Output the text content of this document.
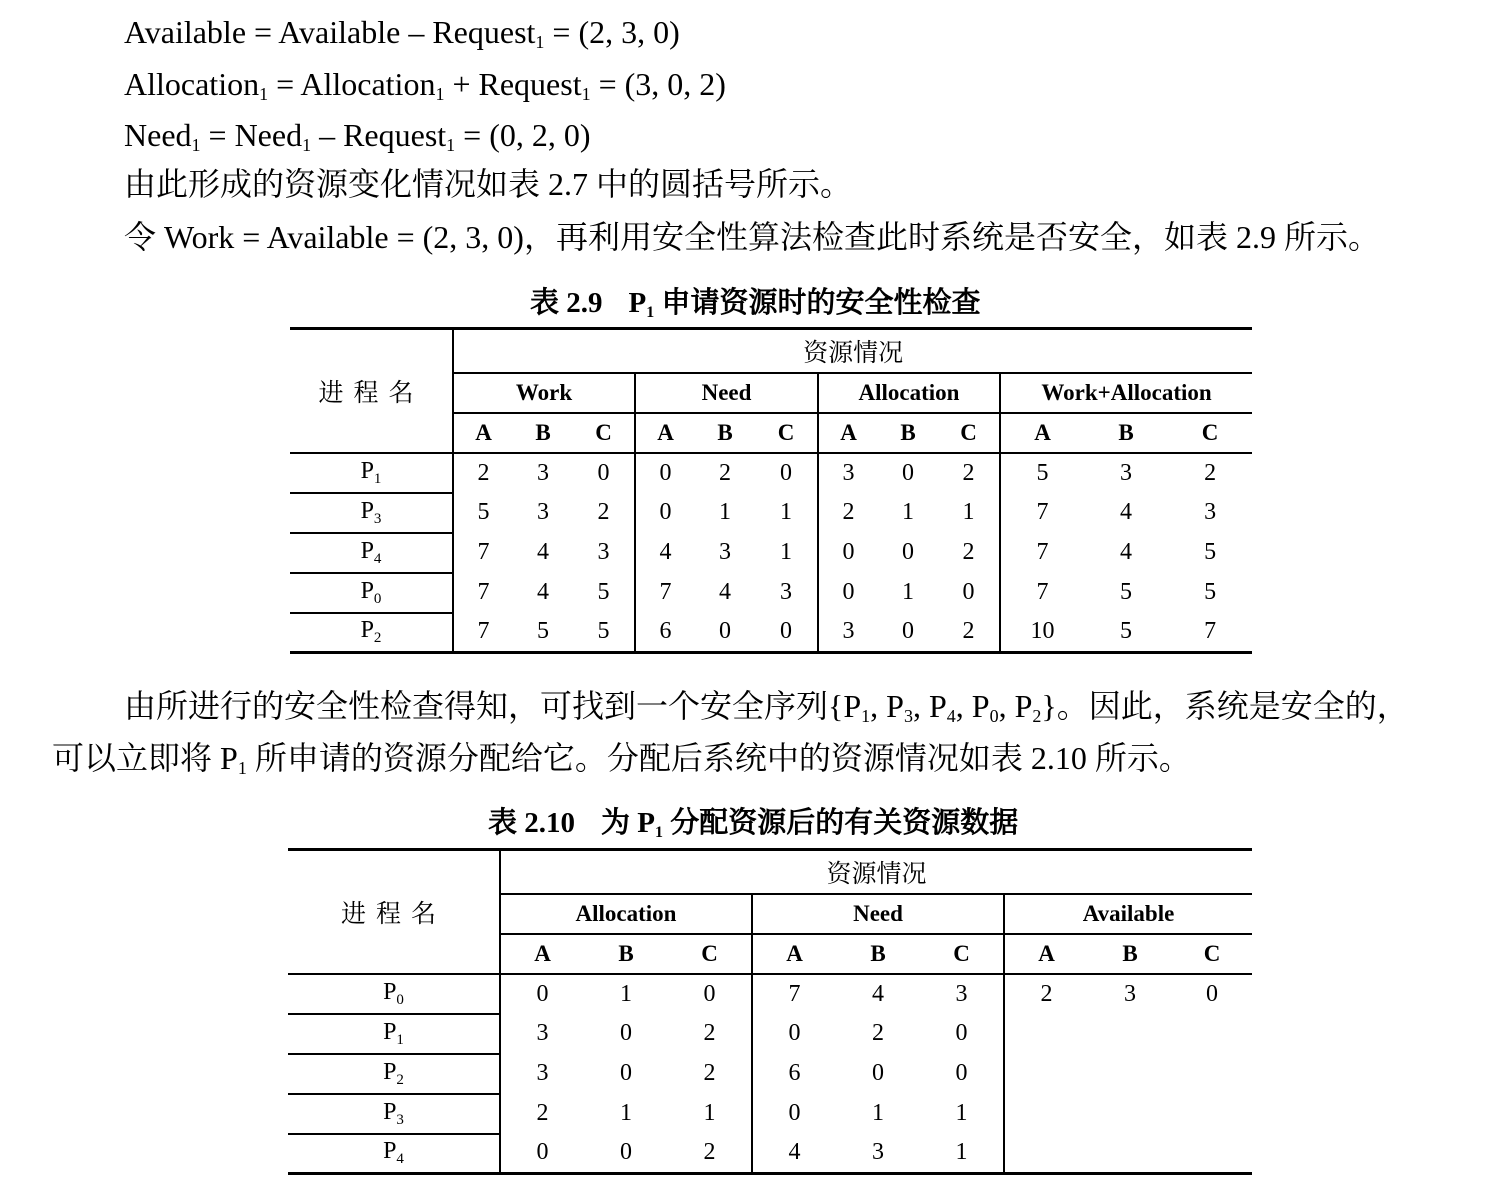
Available = Available – Request$_1$ = (2, 3, 0)
Allocation$_1$ = Allocation$_1$ + Request$_1$ = (3, 0, 2)
Need$_1$ = Need$_1$ – Request$_1$ = (0, 2, 0)
由此形成的资源变化情况如表 2.7 中的圆括号所示。
令 Work = Available = (2, 3, 0)，再利用安全性算法检查此时系统是否安全，如表 2.9 所示。
表 2.9 $P_1$ 申请资源时的安全性检查
进程名	资源情况											
	Work			Need			Allocation			Work+Allocation		
	A	B	C	A	B	C	A	B	C	A	B	C
$P_1$	2	3	0	0	2	0	3	0	2	5	3	2
$P_3$	5	3	2	0	1	1	2	1	1	7	4	3
$P_4$	7	4	3	4	3	1	0	0	2	7	4	5
$P_0$	7	4	5	7	4	3	0	1	0	7	5	5
$P_2$	7	5	5	6	0	0	3	0	2	10	5	7
由所进行的安全性检查得知，可找到一个安全序列{$P_1$, $P_3$, $P_4$, $P_0$, $P_2$}。因此，系统是安全的，
可以立即将 $P_1$ 所申请的资源分配给它。分配后系统中的资源情况如表 2.10 所示。
表 2.10 为 $P_1$ 分配资源后的有关资源数据
进程名	资源情况								
	Allocation			Need			Available		
	A	B	C	A	B	C	A	B	C
$P_0$	0	1	0	7	4	3	2	3	0
$P_1$	3	0	2	0	2	0			
$P_2$	3	0	2	6	0	0			
$P_3$	2	1	1	0	1	1			
$P_4$	0	0	2	4	3	1			
